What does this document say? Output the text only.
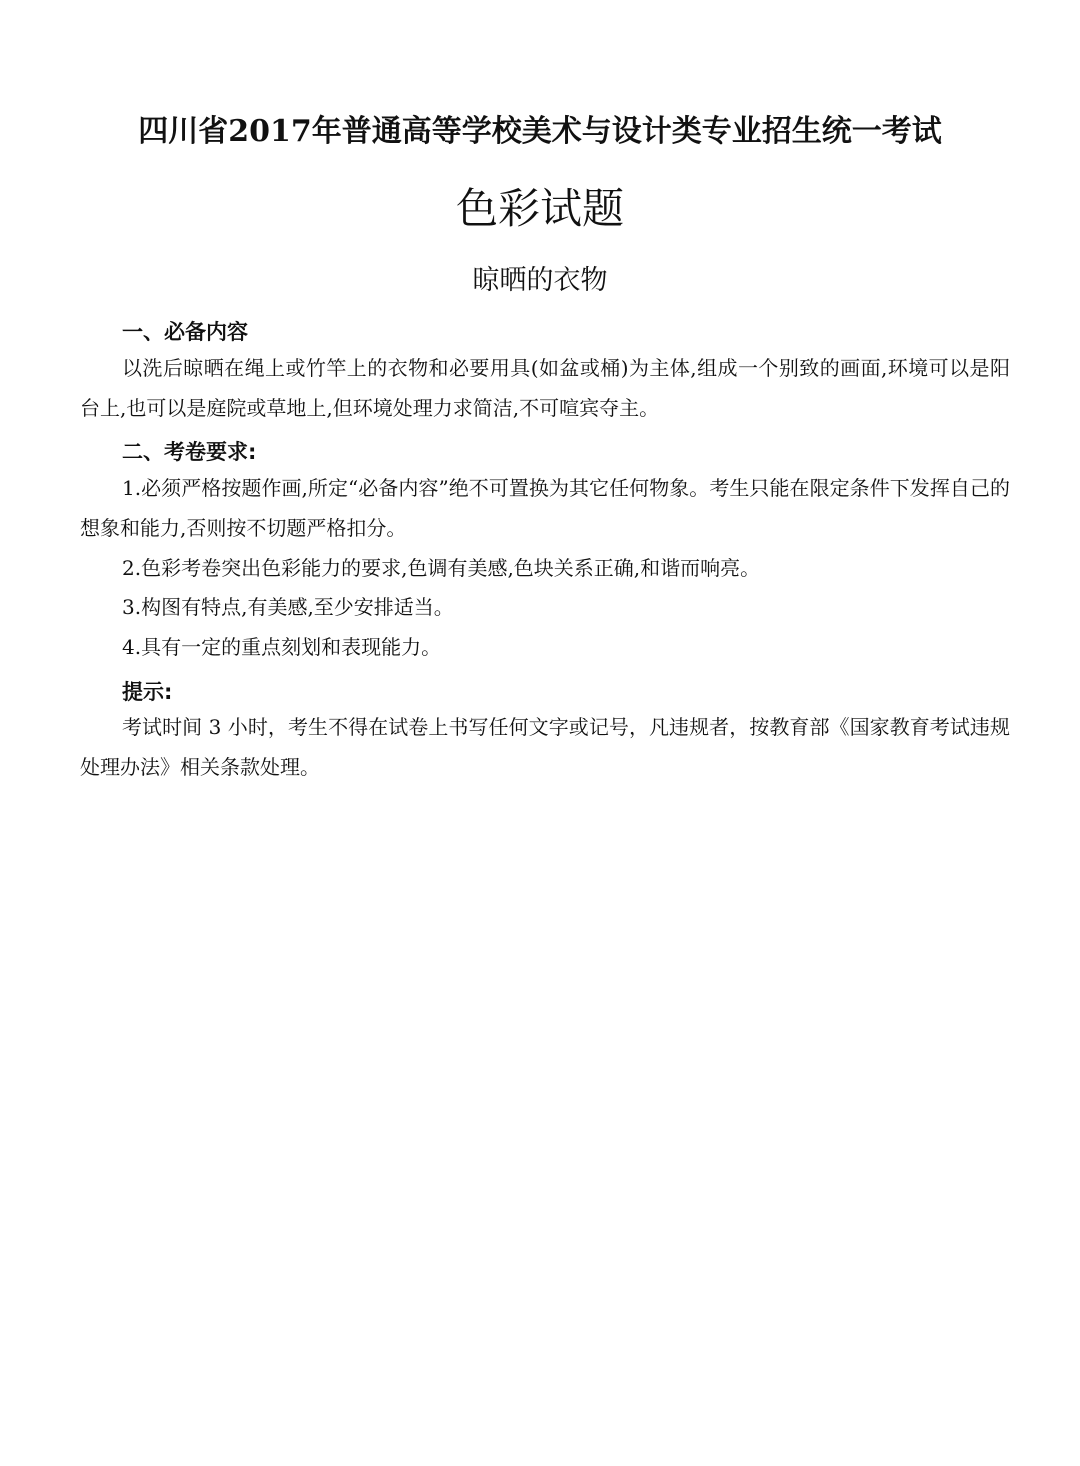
四川省2017年普通高等学校美术与设计类专业招生统一考试
色彩试题
晾晒的衣物
一、必备内容
以洗后晾晒在绳上或竹竿上的衣物和必要用具(如盆或桶)为主体,组成一个别致的画面,环境可以是阳台上,也可以是庭院或草地上,但环境处理力求简洁,不可喧宾夺主。
二、考卷要求:
1.必须严格按题作画,所定“必备内容”绝不可置换为其它任何物象。考生只能在限定条件下发挥自己的想象和能力,否则按不切题严格扣分。
2.色彩考卷突出色彩能力的要求,色调有美感,色块关系正确,和谐而响亮。
3.构图有特点,有美感,至少安排适当。
4.具有一定的重点刻划和表现能力。
提示:
考试时间 3 小时，考生不得在试卷上书写任何文字或记号，凡违规者，按教育部《国家教育考试违规处理办法》相关条款处理。
